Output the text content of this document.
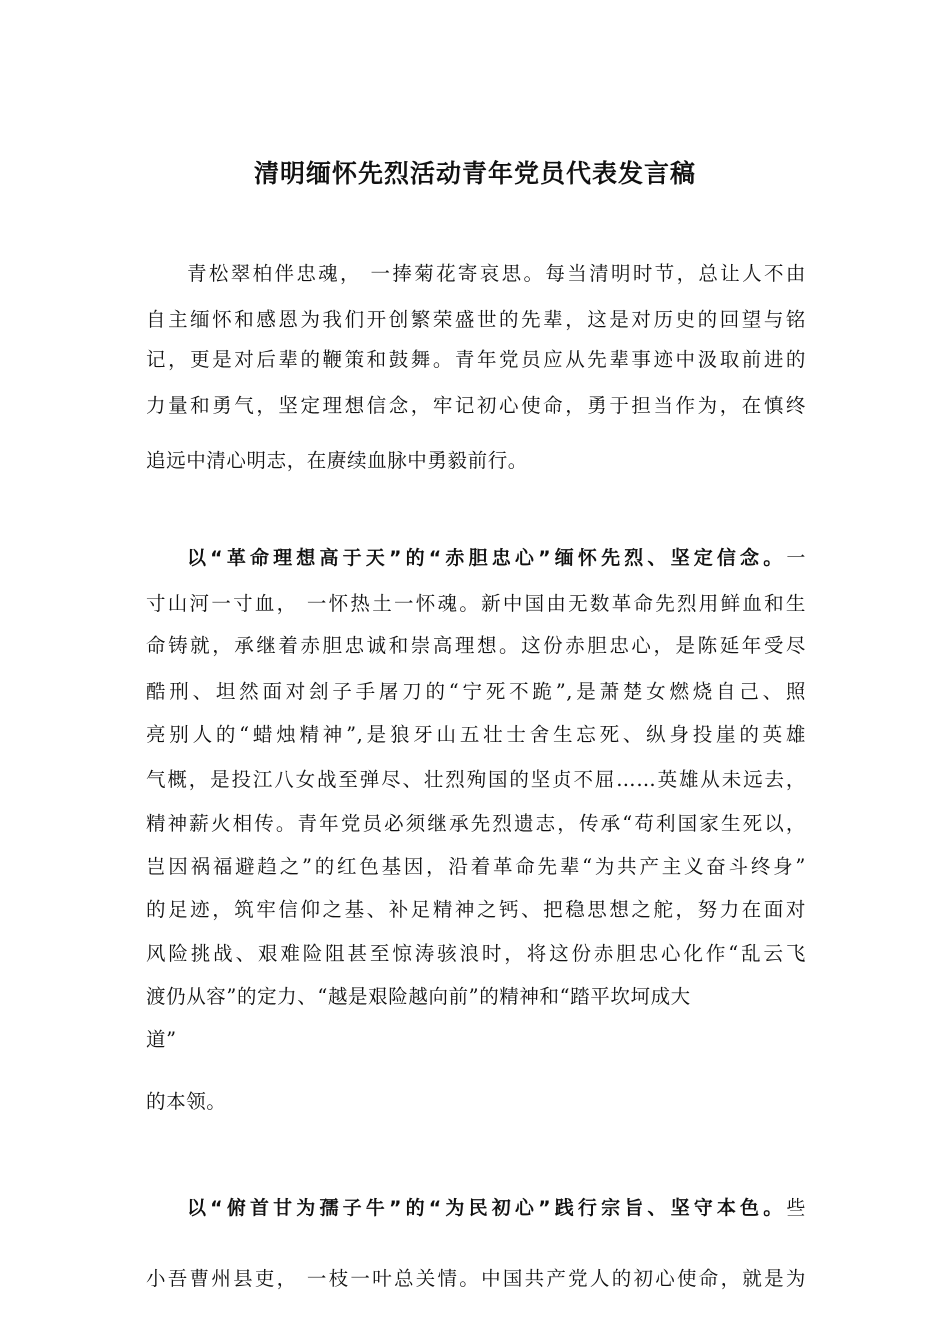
清明缅怀先烈活动青年党员代表发言稿

青松翠柏伴忠魂， 一捧菊花寄哀思。每当清明时节，总让人不由

自主缅怀和感恩为我们开创繁荣盛世的先辈，这是对历史的回望与铭

记，更是对后辈的鞭策和鼓舞。青年党员应从先辈事迹中汲取前进的

力量和勇气，坚定理想信念，牢记初心使命，勇于担当作为，在慎终

追远中清心明志，在赓续血脉中勇毅前行。

以“革命理想高于天”的“赤胆忠心”缅怀先烈、坚定信念。一

寸山河一寸血， 一怀热土一怀魂。新中国由无数革命先烈用鲜血和生

命铸就，承继着赤胆忠诚和崇高理想。这份赤胆忠心，是陈延年受尽

酷刑、坦然面对刽子手屠刀的“宁死不跪”,是萧楚女燃烧自己、照

亮别人的“蜡烛精神”,是狼牙山五壮士舍生忘死、纵身投崖的英雄

气概，是投江八女战至弹尽、壮烈殉国的坚贞不屈……英雄从未远去，

精神薪火相传。青年党员必须继承先烈遗志，传承“苟利国家生死以，

岂因祸福避趋之”的红色基因，沿着革命先辈“为共产主义奋斗终身”

的足迹，筑牢信仰之基、补足精神之钙、把稳思想之舵，努力在面对

风险挑战、艰难险阻甚至惊涛骇浪时，将这份赤胆忠心化作“乱云飞

渡仍从容”的定力、“越是艰险越向前”的精神和“踏平坎坷成大

道”

的本领。

以“俯首甘为孺子牛”的“为民初心”践行宗旨、坚守本色。些

小吾曹州县吏， 一枝一叶总关情。中国共产党人的初心使命，就是为
